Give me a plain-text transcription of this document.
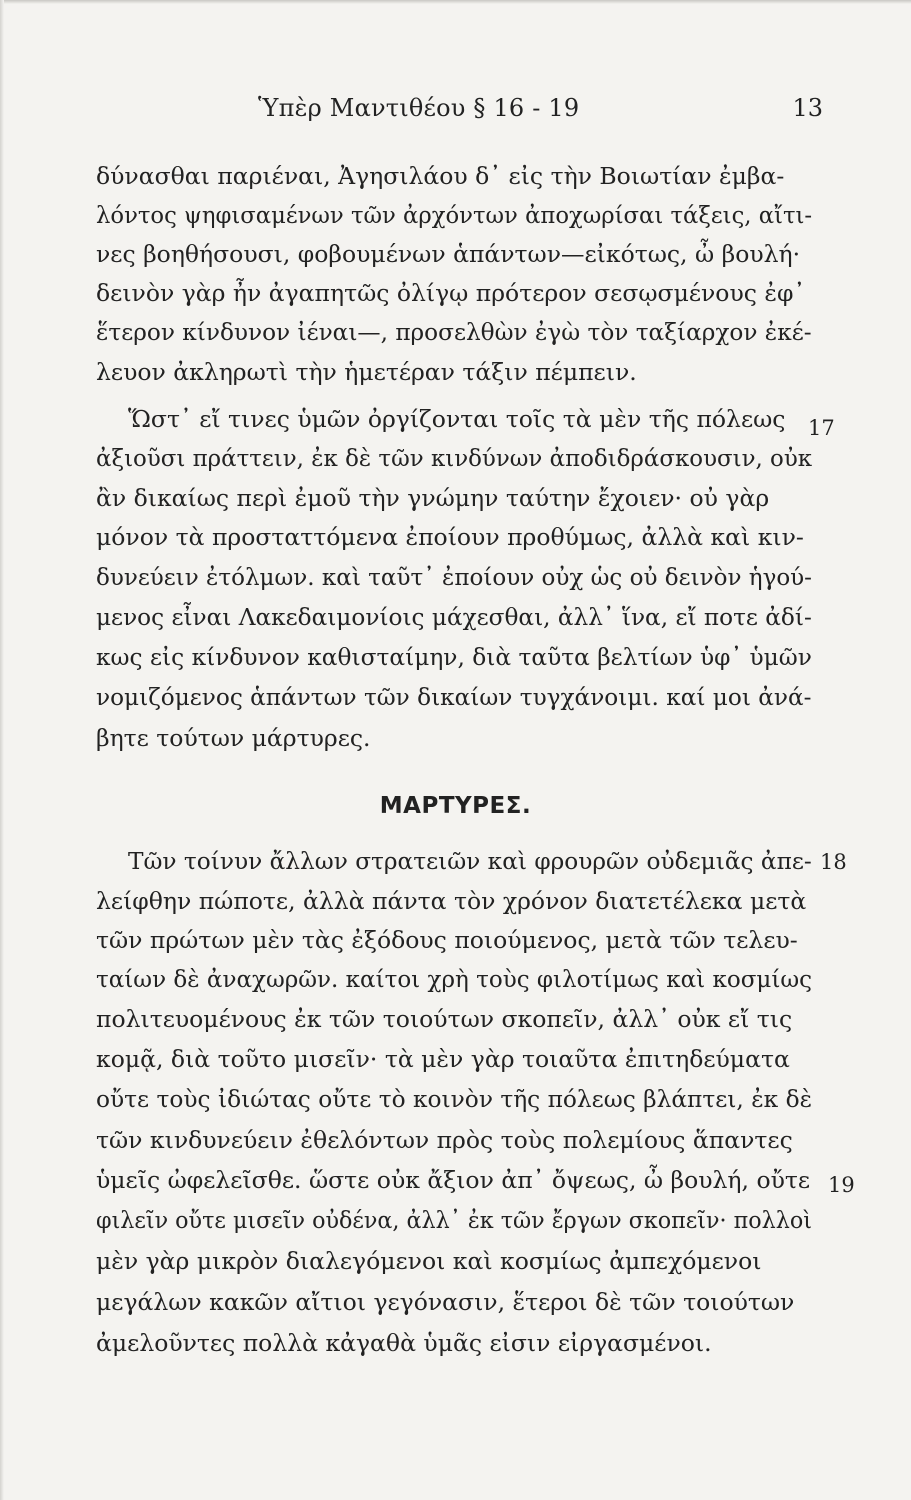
Ὑπὲρ Μαντιθέου § 16 - 19	13
δύνασθαι παριέναι, Ἀγησιλάου δ᾽ εἰς τὴν Βοιωτίαν ἐμβα-
λόντος ψηφισαμένων τῶν ἀρχόντων ἀποχωρίσαι τάξεις, αἴτι-
νες βοηθήσουσι, φοβουμένων ἁπάντων—εἰκότως, ὦ βουλή·
δεινὸν γὰρ ἦν ἀγαπητῶς ὀλίγῳ πρότερον σεσῳσμένους ἐφ᾽
ἕτερον κίνδυνον ἰέναι—, προσελθὼν ἐγὼ τὸν ταξίαρχον ἐκέ-
λευον ἀκληρωτὶ τὴν ἡμετέραν τάξιν πέμπειν.
Ὥστ᾽ εἴ τινες ὑμῶν ὀργίζονται τοῖς τὰ μὲν τῆς πόλεως
ἀξιοῦσι πράττειν, ἐκ δὲ τῶν κινδύνων ἀποδιδράσκουσιν, οὐκ
ἂν δικαίως περὶ ἐμοῦ τὴν γνώμην ταύτην ἔχοιεν· οὐ γὰρ
μόνον τὰ προσταττόμενα ἐποίουν προθύμως, ἀλλὰ καὶ κιν-
δυνεύειν ἐτόλμων. καὶ ταῦτ᾽ ἐποίουν οὐχ ὡς οὐ δεινὸν ἡγού-
μενος εἶναι Λακεδαιμονίοις μάχεσθαι, ἀλλ᾽ ἵνα, εἴ ποτε ἀδί-
κως εἰς κίνδυνον καθισταίμην, διὰ ταῦτα βελτίων ὑφ᾽ ὑμῶν
νομιζόμενος ἁπάντων τῶν δικαίων τυγχάνοιμι. καί μοι ἀνά-
βητε τούτων μάρτυρες.
17
ΜΑΡΤΥΡΕΣ.
Τῶν τοίνυν ἄλλων στρατειῶν καὶ φρουρῶν οὐδεμιᾶς ἀπε-
λείφθην πώποτε, ἀλλὰ πάντα τὸν χρόνον διατετέλεκα μετὰ
τῶν πρώτων μὲν τὰς ἐξόδους ποιούμενος, μετὰ τῶν τελευ-
ταίων δὲ ἀναχωρῶν. καίτοι χρὴ τοὺς φιλοτίμως καὶ κοσμίως
πολιτευομένους ἐκ τῶν τοιούτων σκοπεῖν, ἀλλ᾽ οὐκ εἴ τις
κομᾷ, διὰ τοῦτο μισεῖν· τὰ μὲν γὰρ τοιαῦτα ἐπιτηδεύματα
οὔτε τοὺς ἰδιώτας οὔτε τὸ κοινὸν τῆς πόλεως βλάπτει, ἐκ δὲ
τῶν κινδυνεύειν ἐθελόντων πρὸς τοὺς πολεμίους ἅπαντες
ὑμεῖς ὠφελεῖσθε. ὥστε οὐκ ἄξιον ἀπ᾽ ὄψεως, ὦ βουλή, οὔτε
φιλεῖν οὔτε μισεῖν οὐδένα, ἀλλ᾽ ἐκ τῶν ἔργων σκοπεῖν· πολλοὶ
μὲν γὰρ μικρὸν διαλεγόμενοι καὶ κοσμίως ἀμπεχόμενοι
μεγάλων κακῶν αἴτιοι γεγόνασιν, ἕτεροι δὲ τῶν τοιούτων
ἀμελοῦντες πολλὰ κἀγαθὰ ὑμᾶς εἰσιν εἰργασμένοι.
18
19
